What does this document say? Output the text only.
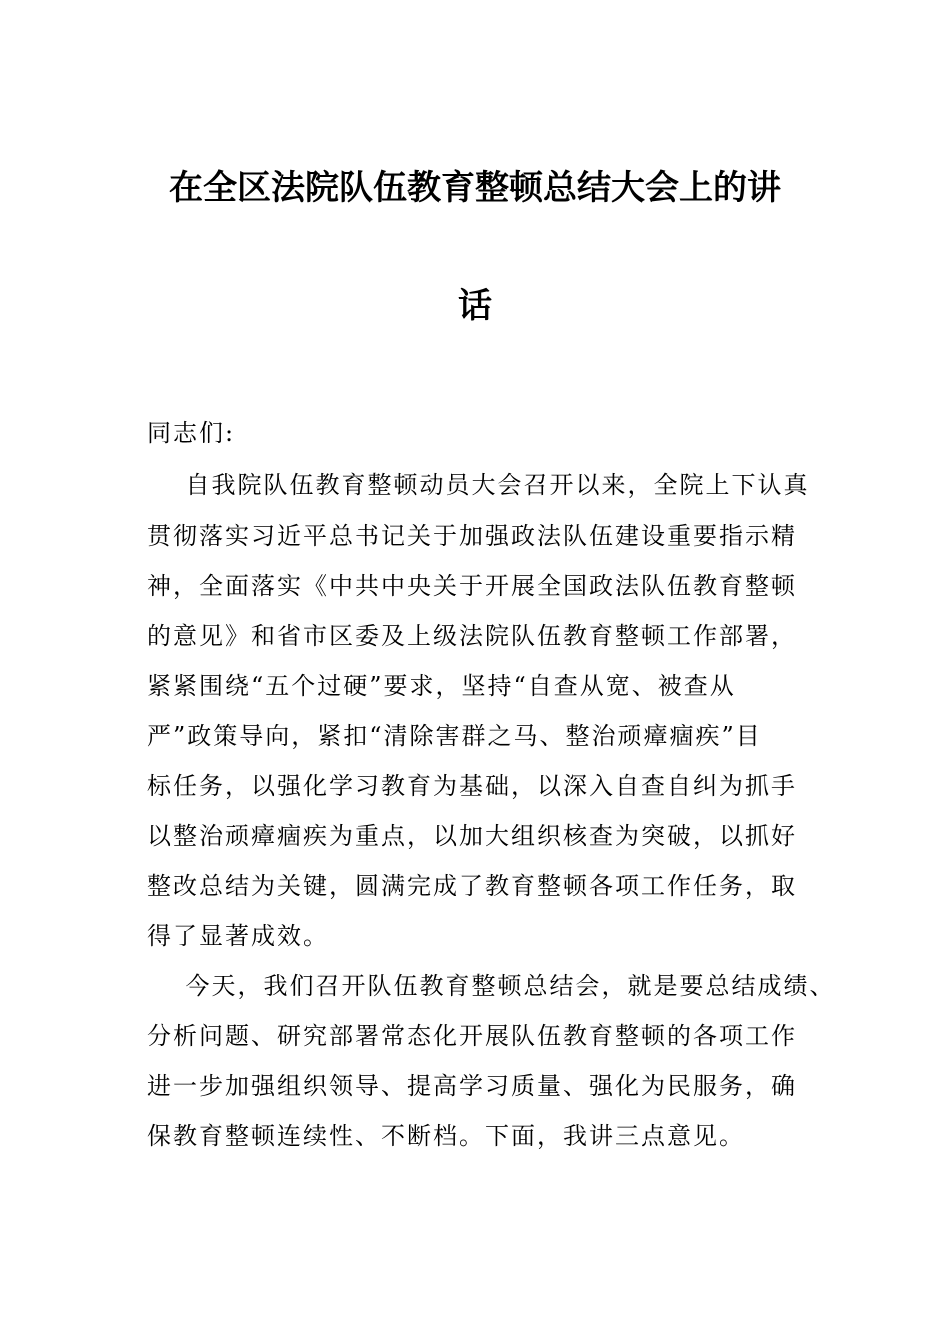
在全区法院队伍教育整顿总结大会上的讲
话
同志们:
自我院队伍教育整顿动员大会召开以来，全院上下认真
贯彻落实习近平总书记关于加强政法队伍建设重要指示精
神，全面落实《中共中央关于开展全国政法队伍教育整顿
的意见》和省市区委及上级法院队伍教育整顿工作部署，
紧紧围绕“五个过硬”要求，坚持“自查从宽、被查从
严”政策导向，紧扣“清除害群之马、整治顽瘴痼疾”目
标任务，以强化学习教育为基础，以深入自查自纠为抓手
以整治顽瘴痼疾为重点，以加大组织核查为突破，以抓好
整改总结为关键，圆满完成了教育整顿各项工作任务，取
得了显著成效。
今天，我们召开队伍教育整顿总结会，就是要总结成绩、
分析问题、研究部署常态化开展队伍教育整顿的各项工作
进一步加强组织领导、提高学习质量、强化为民服务，确
保教育整顿连续性、不断档。下面，我讲三点意见。
